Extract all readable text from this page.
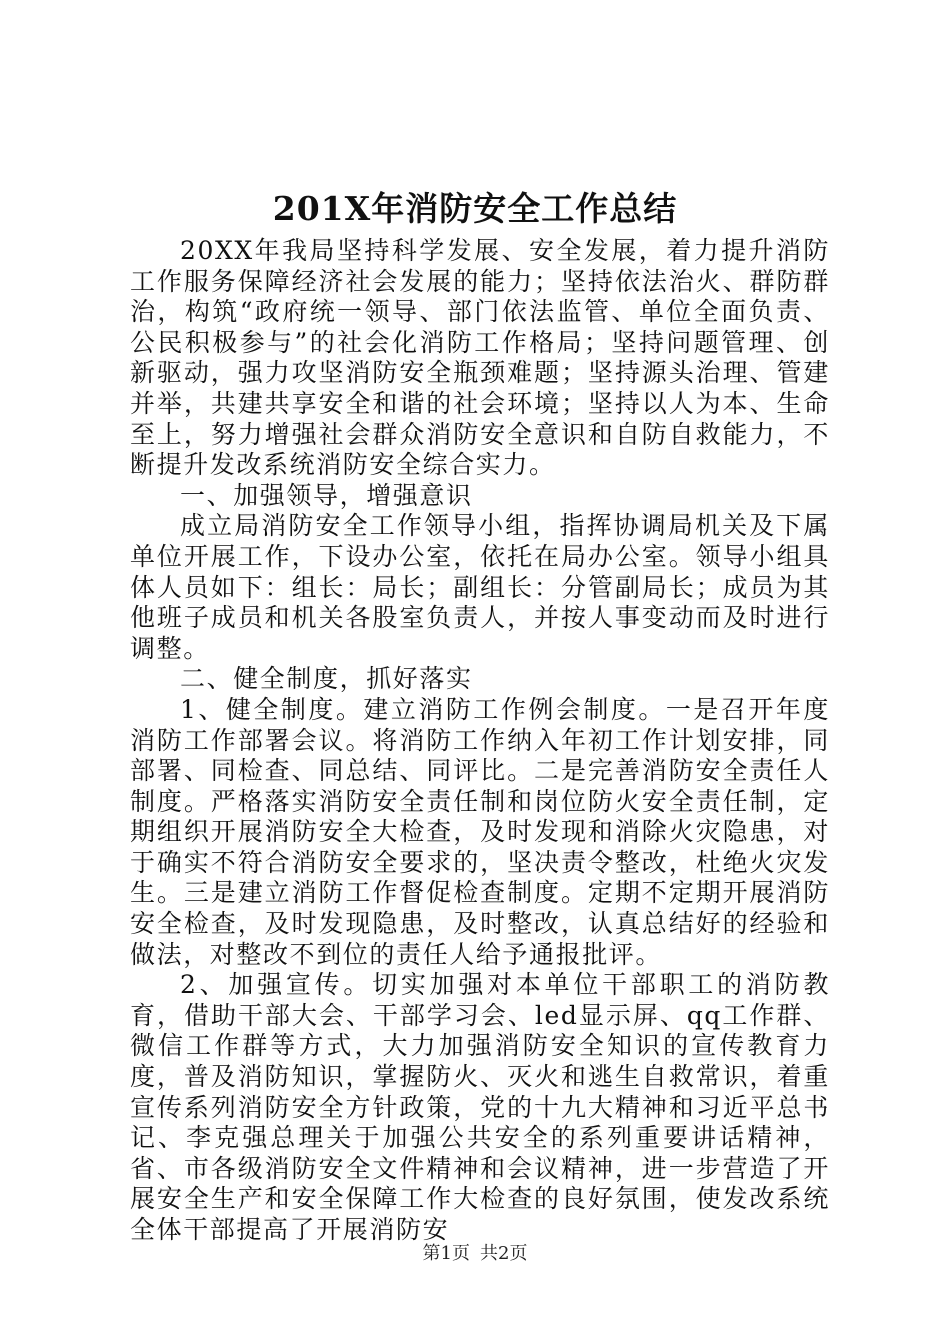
201X年消防安全工作总结

20XX年我局坚持科学发展、安全发展，着力提升消防工作服务保障经济社会发展的能力；坚持依法治火、群防群治，构筑“政府统一领导、部门依法监管、单位全面负责、公民积极参与”的社会化消防工作格局；坚持问题管理、创新驱动，强力攻坚消防安全瓶颈难题；坚持源头治理、管建并举，共建共享安全和谐的社会环境；坚持以人为本、生命至上，努力增强社会群众消防安全意识和自防自救能力，不断提升发改系统消防安全综合实力。

一、加强领导，增强意识

成立局消防安全工作领导小组，指挥协调局机关及下属单位开展工作，下设办公室，依托在局办公室。领导小组具体人员如下：组长：局长；副组长：分管副局长；成员为其他班子成员和机关各股室负责人，并按人事变动而及时进行调整。

二、健全制度，抓好落实

1、健全制度。建立消防工作例会制度。一是召开年度消防工作部署会议。将消防工作纳入年初工作计划安排，同部署、同检查、同总结、同评比。二是完善消防安全责任人制度。严格落实消防安全责任制和岗位防火安全责任制，定期组织开展消防安全大检查，及时发现和消除火灾隐患，对于确实不符合消防安全要求的，坚决责令整改，杜绝火灾发生。三是建立消防工作督促检查制度。定期不定期开展消防安全检查，及时发现隐患，及时整改，认真总结好的经验和做法，对整改不到位的责任人给予通报批评。

2、加强宣传。切实加强对本单位干部职工的消防教育，借助干部大会、干部学习会、led显示屏、qq工作群、微信工作群等方式，大力加强消防安全知识的宣传教育力度，普及消防知识，掌握防火、灭火和逃生自救常识，着重宣传系列消防安全方针政策，党的十九大精神和习近平总书记、李克强总理关于加强公共安全的系列重要讲话精神，省、市各级消防安全文件精神和会议精神，进一步营造了开展安全生产和安全保障工作大检查的良好氛围，使发改系统全体干部提高了开展消防安

第1页 共2页
